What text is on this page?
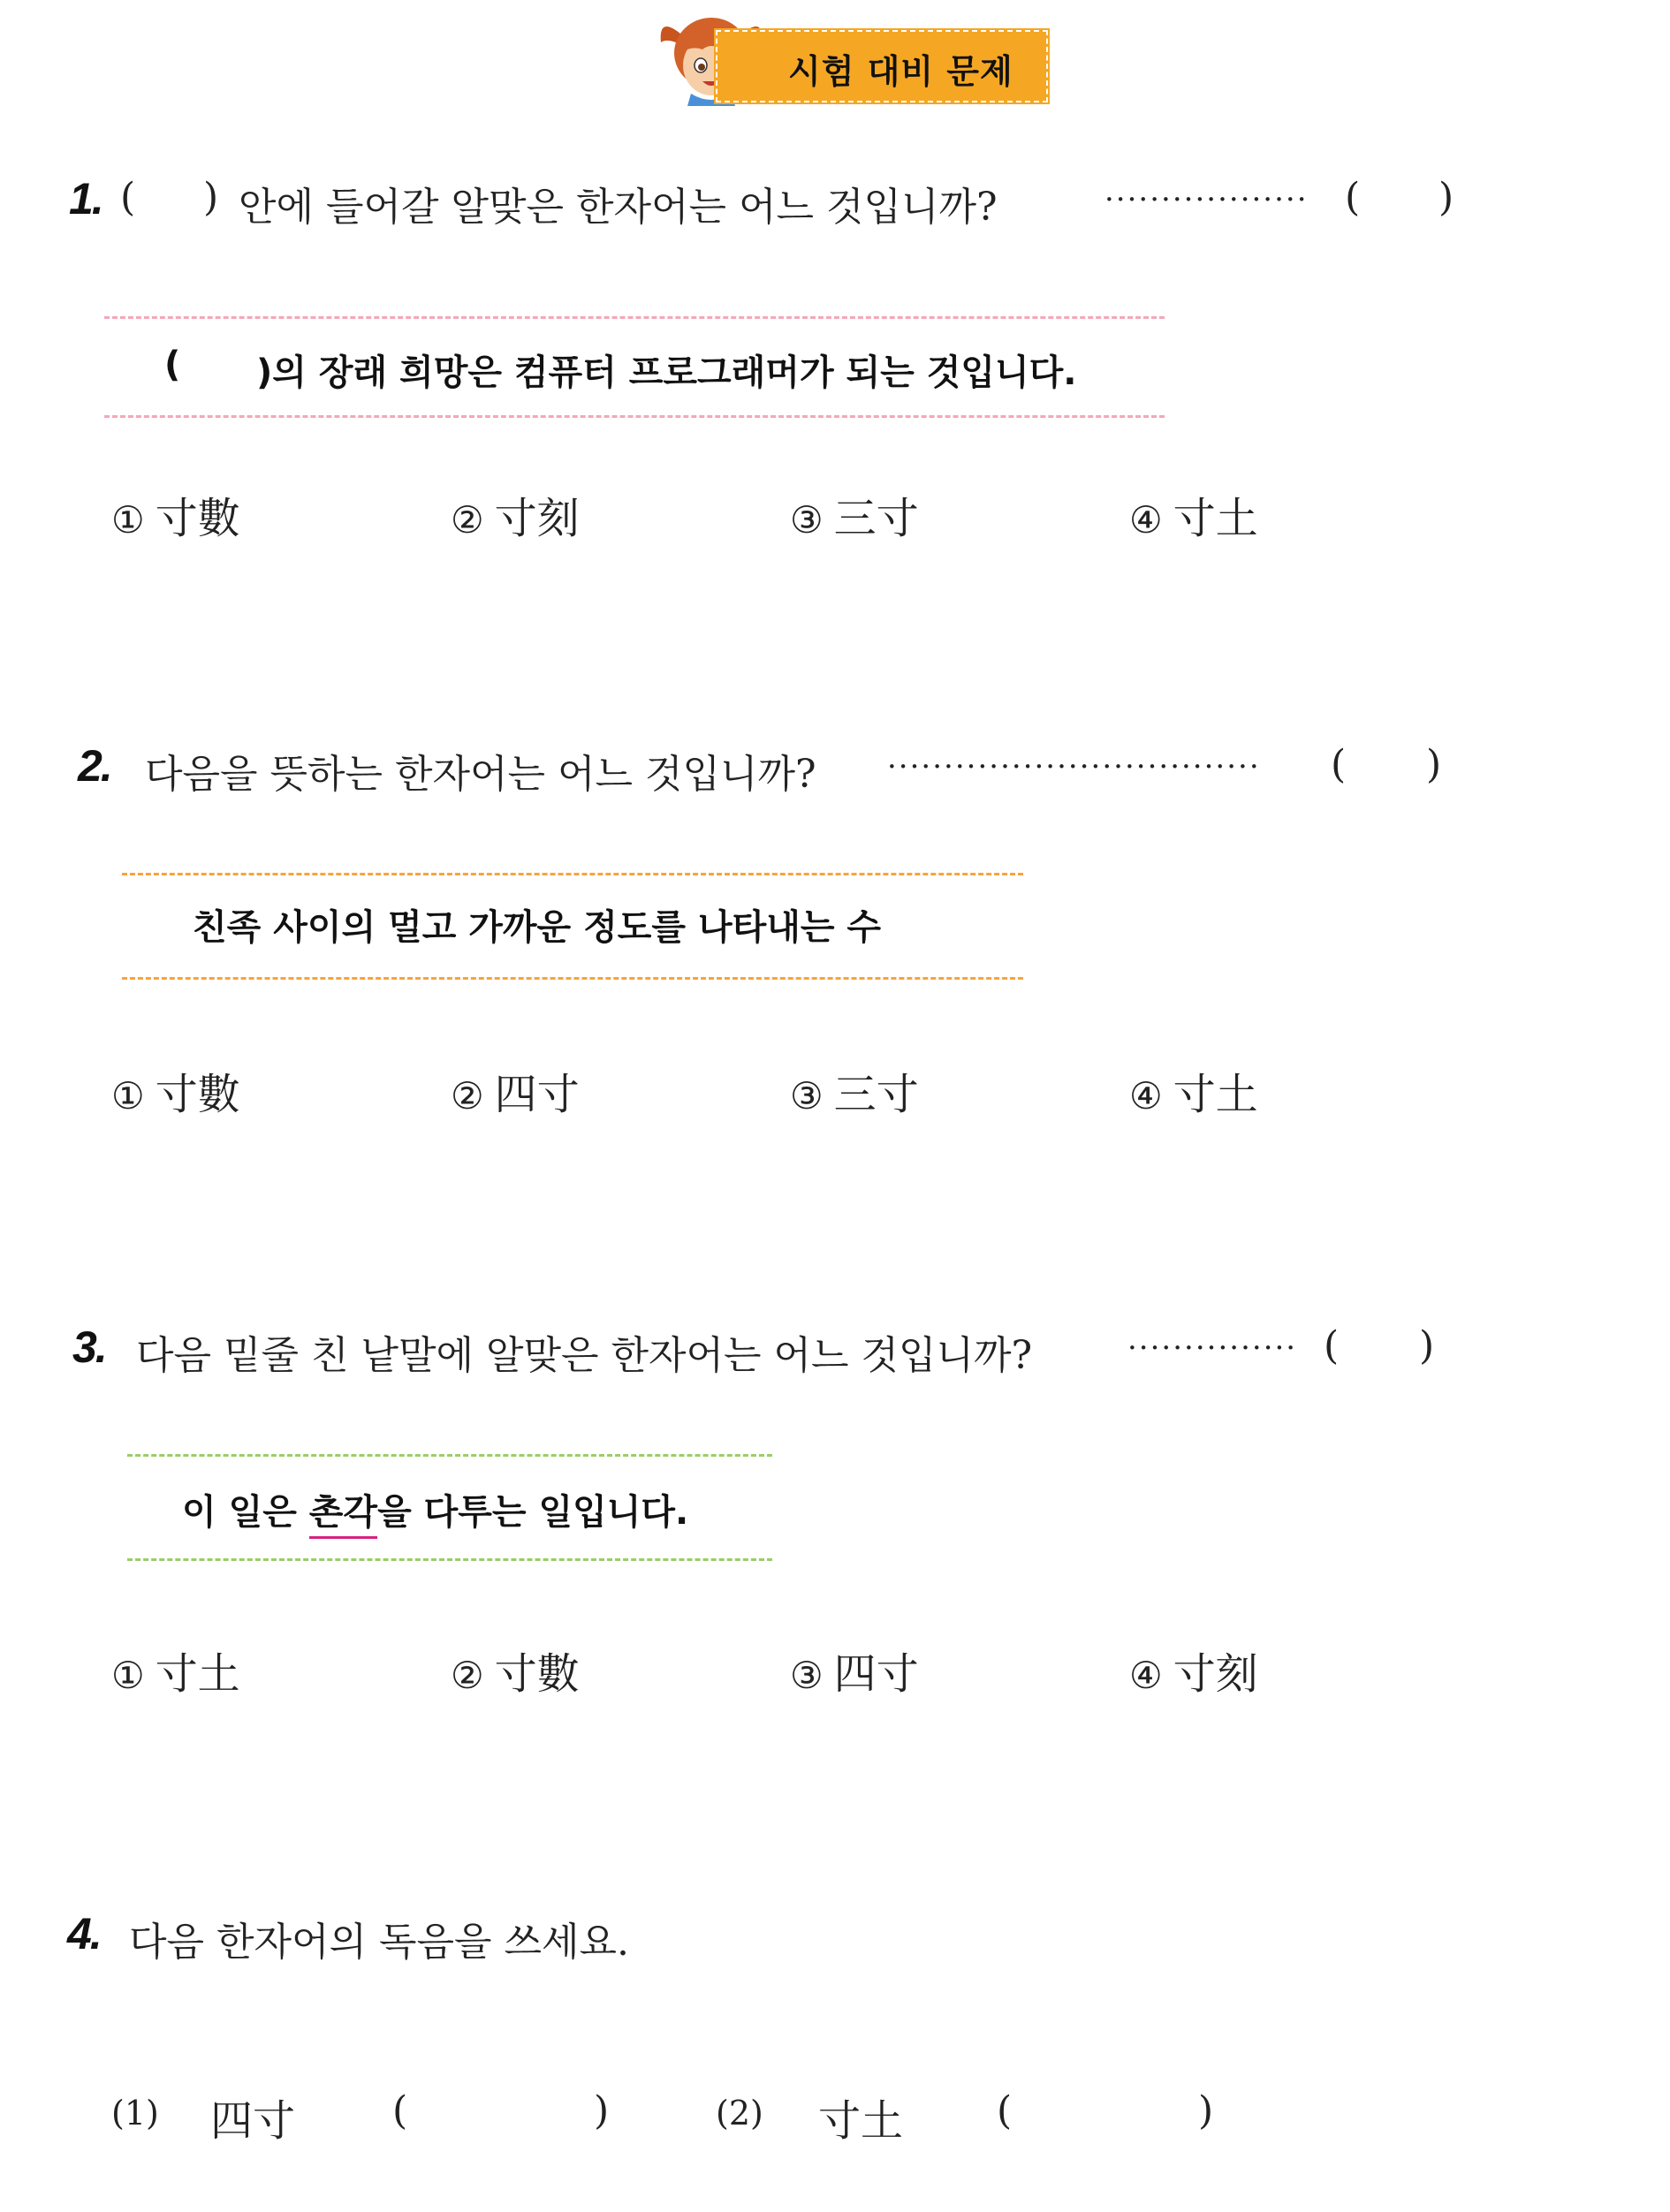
시험 대비 문제
1. ( ) 안에 들어갈 알맞은 한자어는 어느 것입니까?	·················· ( )
( )의 장래 희망은 컴퓨터 프로그래머가 되는 것입니다.
① 寸數	② 寸刻	③ 三寸	④ 寸土
2. 다음을 뜻하는 한자어는 어느 것입니까? ································· ( )
친족 사이의 멀고 가까운 정도를 나타내는 수
① 寸數	② 四寸	③ 三寸	④ 寸土
3. 다음 밑줄 친 낱말에 알맞은 한자어는 어느 것입니까?	··············· ( )
이 일은 촌각을 다투는 일입니다.
① 寸土	② 寸數	③ 四寸	④ 寸刻
4. 다음 한자어의 독음을 쓰세요.
(1) 四寸 (	)	(2) 寸土 (	)
